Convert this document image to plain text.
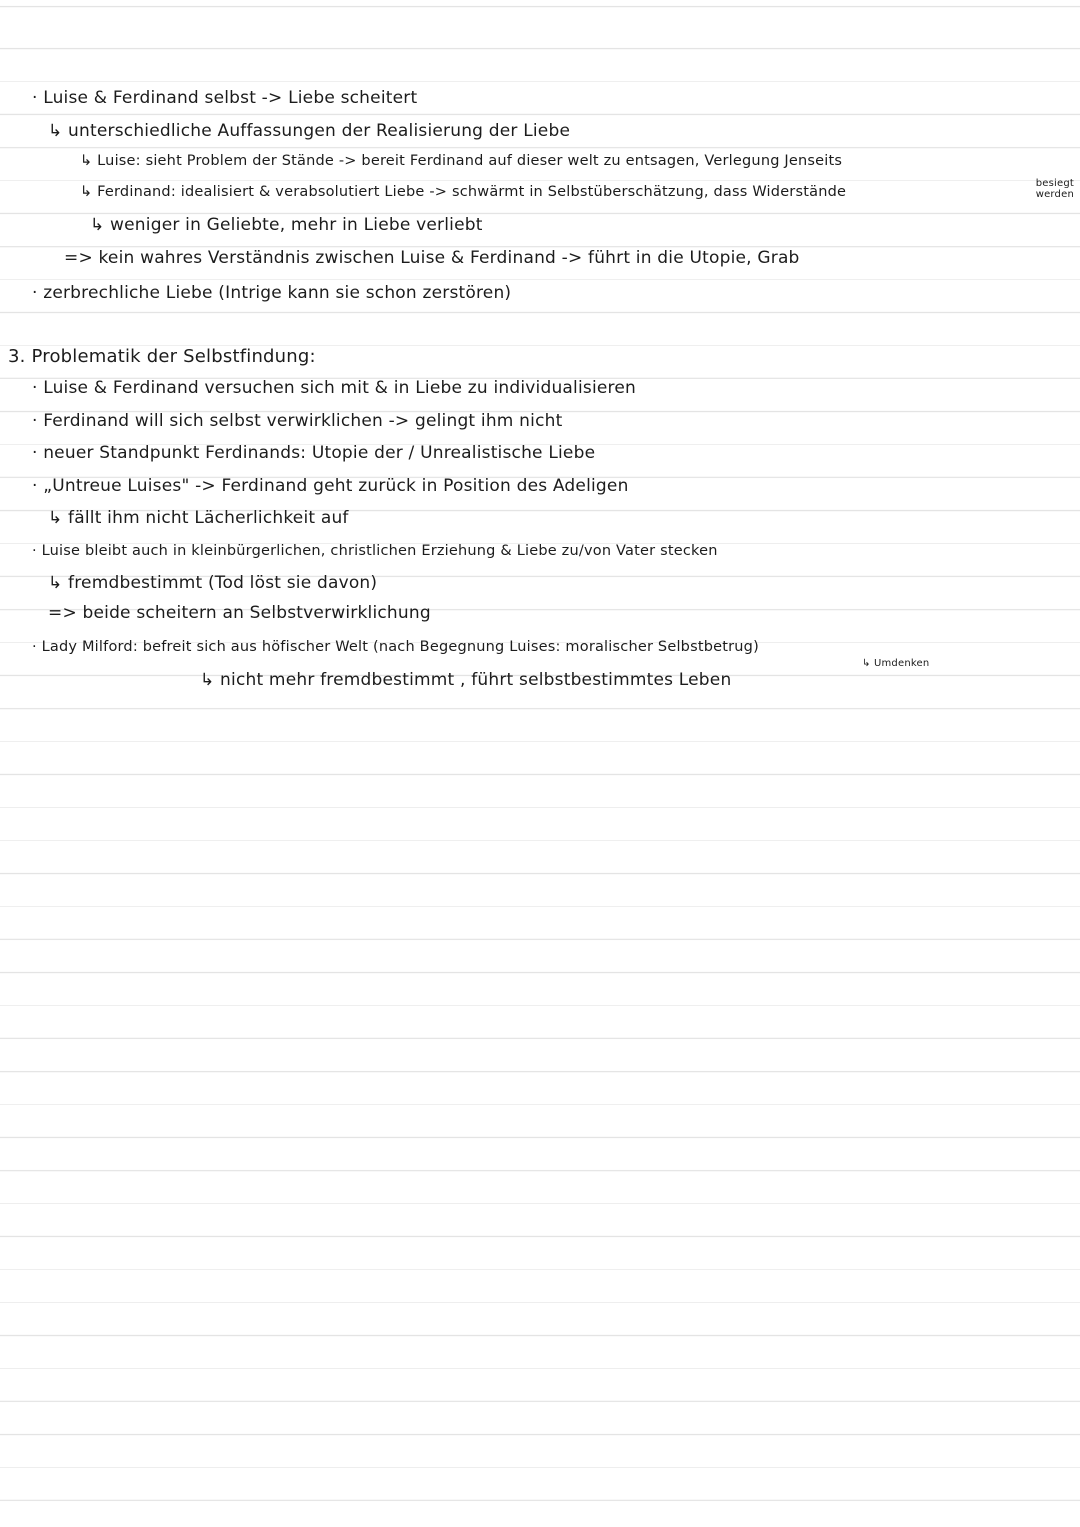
· Luise & Ferdinand selbst -> Liebe scheitert
↳ unterschiedliche Auffassungen der Realisierung der Liebe
↳ Luise: sieht Problem der Stände -> bereit Ferdinand auf dieser welt zu entsagen, Verlegung Jenseits
↳ Ferdinand: idealisiert & verabsolutiert Liebe -> schwärmt in Selbstüberschätzung, dass Widerstände
besiegt werden
↳ weniger in Geliebte, mehr in Liebe verliebt
=> kein wahres Verständnis zwischen Luise & Ferdinand -> führt in die Utopie, Grab
· zerbrechliche Liebe (Intrige kann sie schon zerstören)
3. Problematik der Selbstfindung:
· Luise & Ferdinand versuchen sich mit & in Liebe zu individualisieren
· Ferdinand will sich selbst verwirklichen -> gelingt ihm nicht
· neuer Standpunkt Ferdinands: Utopie der / Unrealistische Liebe
· „Untreue Luises" -> Ferdinand geht zurück in Position des Adeligen
↳ fällt ihm nicht Lächerlichkeit auf
· Luise bleibt auch in kleinbürgerlichen, christlichen Erziehung & Liebe zu/von Vater stecken
↳ fremdbestimmt (Tod löst sie davon)
=> beide scheitern an Selbstverwirklichung
· Lady Milford: befreit sich aus höfischer Welt (nach Begegnung Luises: moralischer Selbstbetrug)
↳ Umdenken
↳ nicht mehr fremdbestimmt , führt selbstbestimmtes Leben
